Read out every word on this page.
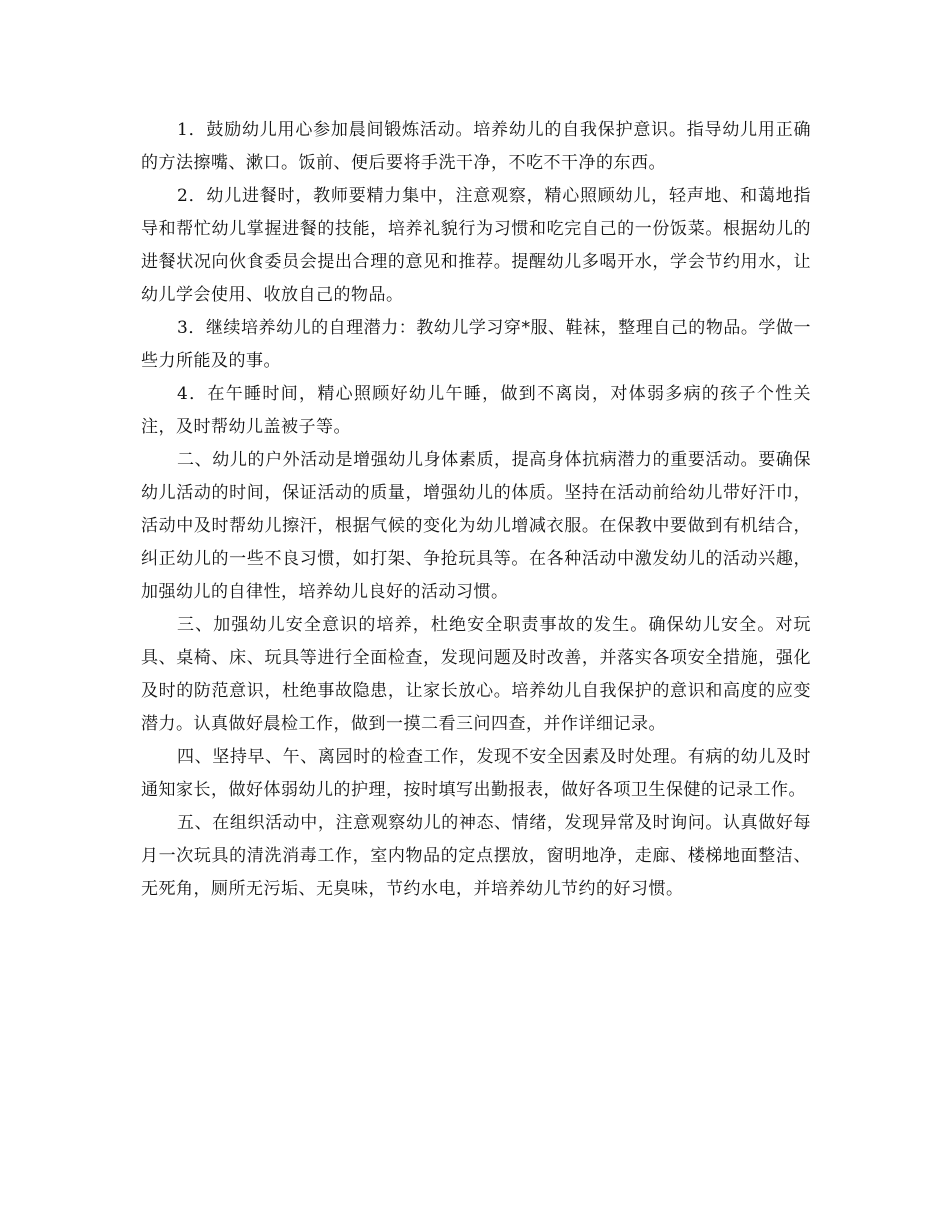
1．鼓励幼儿用心参加晨间锻炼活动。培养幼儿的自我保护意识。指导幼儿用正确的方法擦嘴、漱口。饭前、便后要将手洗干净，不吃不干净的东西。

2．幼儿进餐时，教师要精力集中，注意观察，精心照顾幼儿，轻声地、和蔼地指导和帮忙幼儿掌握进餐的技能，培养礼貌行为习惯和吃完自己的一份饭菜。根据幼儿的进餐状况向伙食委员会提出合理的意见和推荐。提醒幼儿多喝开水，学会节约用水，让幼儿学会使用、收放自己的物品。

3．继续培养幼儿的自理潜力：教幼儿学习穿*服、鞋袜，整理自己的物品。学做一些力所能及的事。

4．在午睡时间，精心照顾好幼儿午睡，做到不离岗，对体弱多病的孩子个性关注，及时帮幼儿盖被子等。

二、幼儿的户外活动是增强幼儿身体素质，提高身体抗病潜力的重要活动。要确保幼儿活动的时间，保证活动的质量，增强幼儿的体质。坚持在活动前给幼儿带好汗巾，活动中及时帮幼儿擦汗，根据气候的变化为幼儿增减衣服。在保教中要做到有机结合，纠正幼儿的一些不良习惯，如打架、争抢玩具等。在各种活动中激发幼儿的活动兴趣，加强幼儿的自律性，培养幼儿良好的活动习惯。

三、加强幼儿安全意识的培养，杜绝安全职责事故的发生。确保幼儿安全。对玩具、桌椅、床、玩具等进行全面检查，发现问题及时改善，并落实各项安全措施，强化及时的防范意识，杜绝事故隐患，让家长放心。培养幼儿自我保护的意识和高度的应变潜力。认真做好晨检工作，做到一摸二看三问四查，并作详细记录。

四、坚持早、午、离园时的检查工作，发现不安全因素及时处理。有病的幼儿及时通知家长，做好体弱幼儿的护理，按时填写出勤报表，做好各项卫生保健的记录工作。

五、在组织活动中，注意观察幼儿的神态、情绪，发现异常及时询问。认真做好每月一次玩具的清洗消毒工作，室内物品的定点摆放，窗明地净，走廊、楼梯地面整洁、无死角，厕所无污垢、无臭味，节约水电，并培养幼儿节约的好习惯。
